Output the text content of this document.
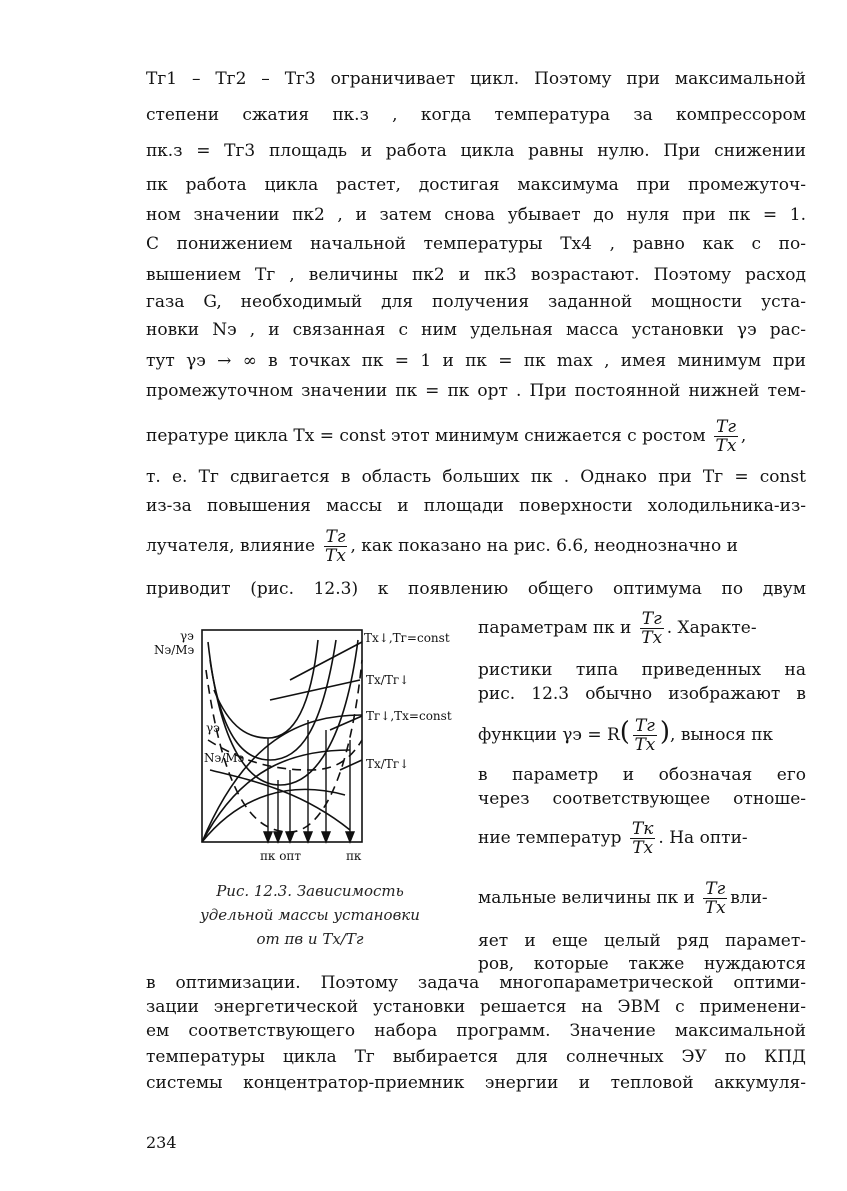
Tг1 – Tг2 – Tг3 ограничивает цикл. Поэтому при максимальной
степени сжатия πк.з , когда температура за компрессором
πк.з = Tг3 площадь и работа цикла равны нулю. При снижении
πк работа цикла растет, достигая максимума при промежуточ-
ном значении πк2 , и затем снова убывает до нуля при πк = 1.
С понижением начальной температуры Tх4 , равно как с по-
вышением Tг , величины πк2 и πк3 возрастают. Поэтому расход
газа G, необходимый для получения заданной мощности уста-
новки Nэ , и связанная с ним удельная масса установки γэ рас-
тут γэ → ∞ в точках πк = 1 и πк = πк max , имея минимум при
промежуточном значении πк = πк орт . При постоянной нижней тем-
пературе цикла Tх = const этот минимум снижается с ростом $\frac{Tг}{Tх}$ ,
т. е. Tг сдвигается в область больших πк . Однако при Tг = const
из-за повышения массы и площади поверхности холодильника-из-
лучателя, влияние $\frac{Tг}{Tх}$ , как показано на рис. 6.6, неоднозначно и
приводит (рис. 12.3) к появлению общего оптимума по двум
параметрам πк и $\frac{Tг}{Tх}$ . Характе-
ристики типа приведенных на
рис. 12.3 обычно изображают в
функции $\gamma э = R( \frac{Tг}{Tх}$ ), вынося πк
в параметр и обозначая его
через соответствующее отноше-
ние температур $\frac{Tк}{Tх}$ . На опти-
мальные величины πк и $\frac{Tг}{Tх} вли-$
яет и еще целый ряд парамет-
ров, которые также нуждаются
γэ
Nэ/Mэ
γэ
Nэ/Mэ
Tх↓,Tг=const
Tх/Tг↓
Tг↓,Tх=const
Tх/Tг↓
πк опт	πк
Рис. 12.3. Зависимость
удельной массы установки
от πв и Tх/Tг
в оптимизации. Поэтому задача многопараметрической оптими-
зации энергетической установки решается на ЭВМ с применени-
ем соответствующего набора программ. Значение максимальной
температуры цикла Tг выбирается для солнечных ЭУ по КПД
системы концентратор-приемник энергии и тепловой аккумуля-
234
